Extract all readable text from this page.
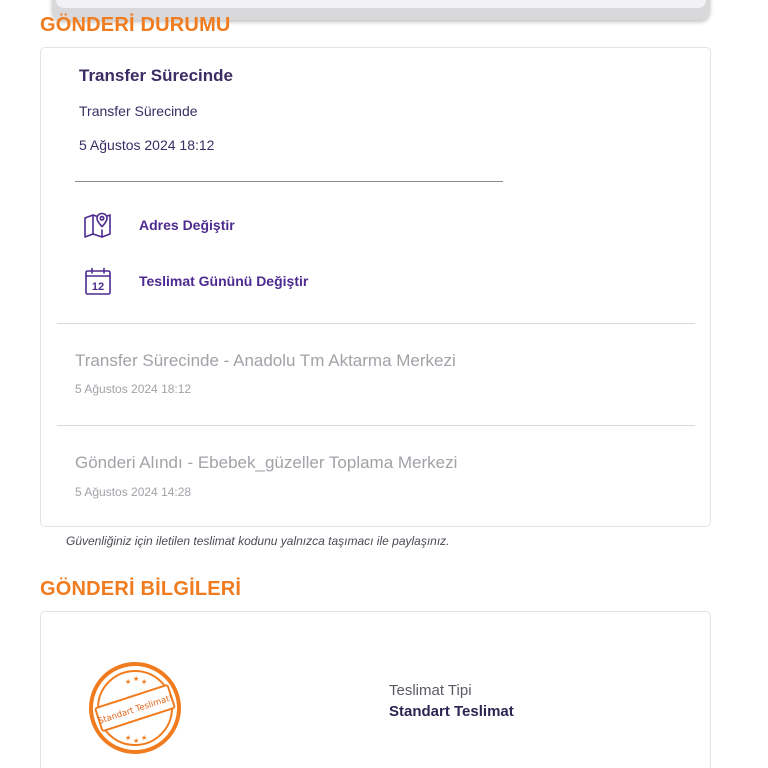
GÖNDERİ DURUMU
Transfer Sürecinde
Transfer Sürecinde
5 Ağustos 2024 18:12
Adres Değiştir
12 Teslimat Gününü Değiştir
Transfer Sürecinde - Anadolu Tm Aktarma Merkezi
5 Ağustos 2024 18:12
Gönderi Alındı - Ebebek_güzeller Toplama Merkezi
5 Ağustos 2024 14:28
Güvenliğiniz için iletilen teslimat kodunu yalnızca taşımacı ile paylaşınız.
GÖNDERİ BİLGİLERİ
★ ★ ★
★ ★ ★
Standart Teslimat!
Teslimat Tipi
Standart Teslimat
